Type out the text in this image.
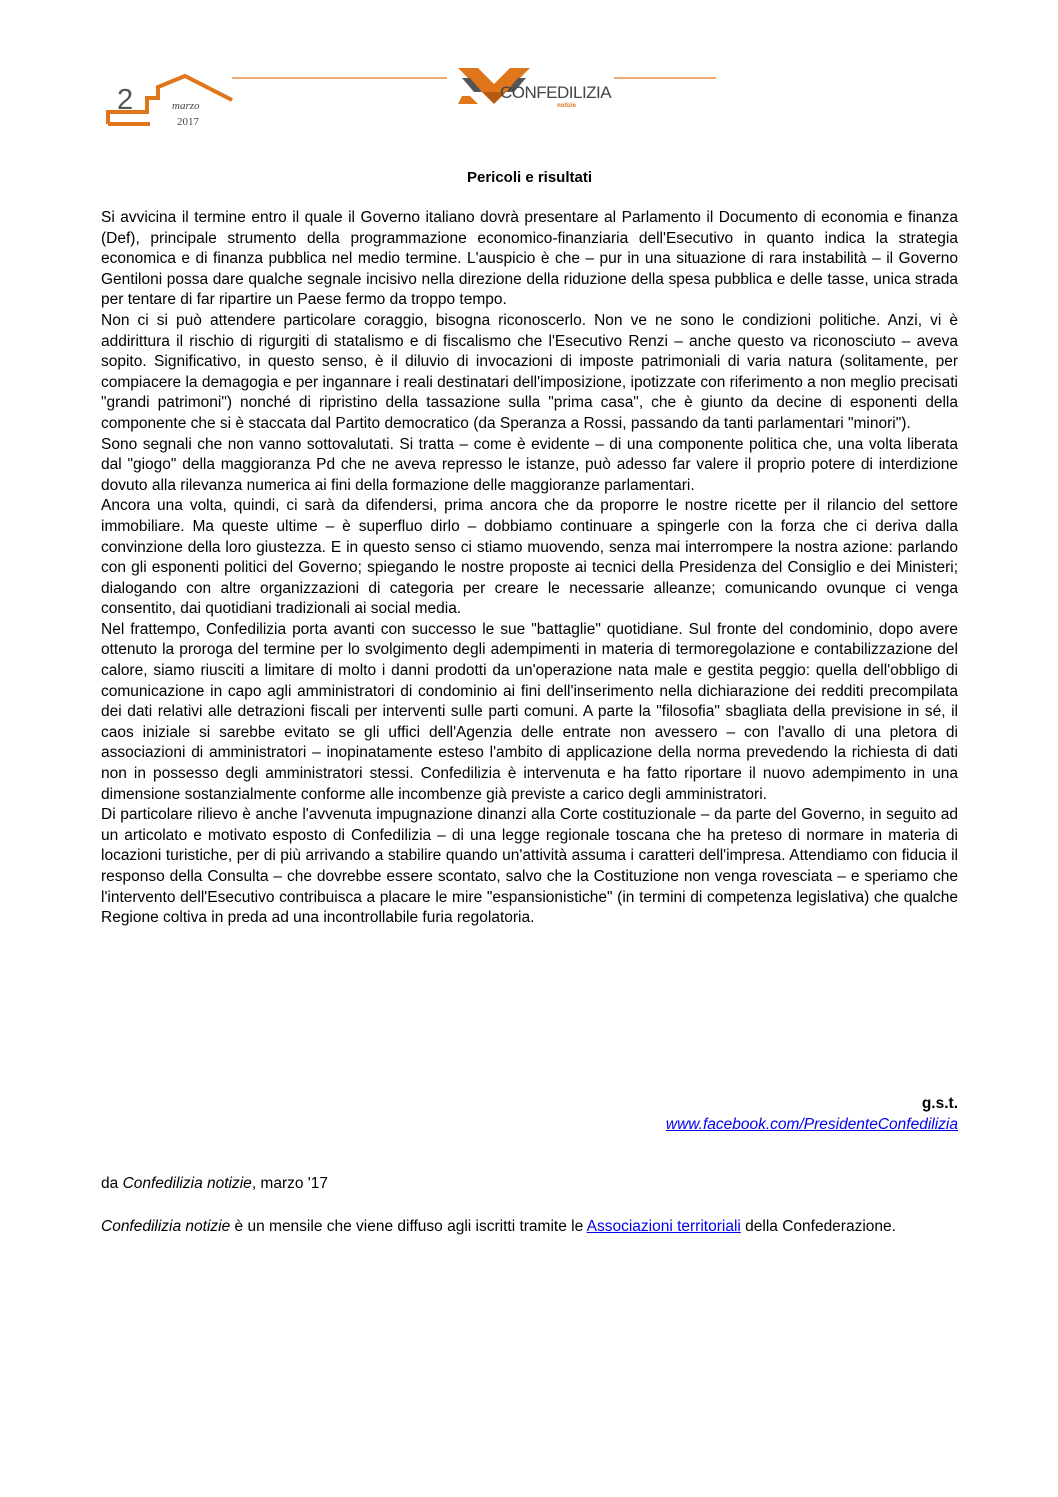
2	marzo
2017
CONFEDILIZIA
notizie
Pericoli e risultati

Si avvicina il termine entro il quale il Governo italiano dovrà presentare al Parlamento il Documento di economia e finanza (Def), principale strumento della programmazione economico-finanziaria dell'Esecutivo in quanto indica la strategia economica e di finanza pubblica nel medio termine. L'auspicio è che – pur in una situazione di rara instabilità – il Governo Gentiloni possa dare qualche segnale incisivo nella direzione della riduzione della spesa pubblica e delle tasse, unica strada per tentare di far ripartire un Paese fermo da troppo tempo.

Non ci si può attendere particolare coraggio, bisogna riconoscerlo. Non ve ne sono le condizioni politiche. Anzi, vi è addirittura il rischio di rigurgiti di statalismo e di fiscalismo che l'Esecutivo Renzi – anche questo va riconosciuto – aveva sopito. Significativo, in questo senso, è il diluvio di invocazioni di imposte patrimoniali di varia natura (solitamente, per compiacere la demagogia e per ingannare i reali destinatari dell'imposizione, ipotizzate con riferimento a non meglio precisati "grandi patrimoni") nonché di ripristino della tassazione sulla "prima casa", che è giunto da decine di esponenti della componente che si è staccata dal Partito democratico (da Speranza a Rossi, passando da tanti parlamentari "minori").

Sono segnali che non vanno sottovalutati. Si tratta – come è evidente – di una componente politica che, una volta liberata dal "giogo" della maggioranza Pd che ne aveva represso le istanze, può adesso far valere il proprio potere di interdizione dovuto alla rilevanza numerica ai fini della formazione delle maggioranze parlamentari.

Ancora una volta, quindi, ci sarà da difendersi, prima ancora che da proporre le nostre ricette per il rilancio del settore immobiliare. Ma queste ultime – è superfluo dirlo – dobbiamo continuare a spingerle con la forza che ci deriva dalla convinzione della loro giustezza. E in questo senso ci stiamo muovendo, senza mai interrompere la nostra azione: parlando con gli esponenti politici del Governo; spiegando le nostre proposte ai tecnici della Presidenza del Consiglio e dei Ministeri; dialogando con altre organizzazioni di categoria per creare le necessarie alleanze; comunicando ovunque ci venga consentito, dai quotidiani tradizionali ai social media.

Nel frattempo, Confedilizia porta avanti con successo le sue "battaglie" quotidiane. Sul fronte del condominio, dopo avere ottenuto la proroga del termine per lo svolgimento degli adempimenti in materia di termoregolazione e contabilizzazione del calore, siamo riusciti a limitare di molto i danni prodotti da un'operazione nata male e gestita peggio: quella dell'obbligo di comunicazione in capo agli amministratori di condominio ai fini dell'inserimento nella dichiarazione dei redditi precompilata dei dati relativi alle detrazioni fiscali per interventi sulle parti comuni. A parte la "filosofia" sbagliata della previsione in sé, il caos iniziale si sarebbe evitato se gli uffici dell'Agenzia delle entrate non avessero – con l'avallo di una pletora di associazioni di amministratori – inopinatamente esteso l'ambito di applicazione della norma prevedendo la richiesta di dati non in possesso degli amministratori stessi. Confedilizia è intervenuta e ha fatto riportare il nuovo adempimento in una dimensione sostanzialmente conforme alle incombenze già previste a carico degli amministratori.

Di particolare rilievo è anche l'avvenuta impugnazione dinanzi alla Corte costituzionale – da parte del Governo, in seguito ad un articolato e motivato esposto di Confedilizia – di una legge regionale toscana che ha preteso di normare in materia di locazioni turistiche, per di più arrivando a stabilire quando un'attività assuma i caratteri dell'impresa. Attendiamo con fiducia il responso della Consulta – che dovrebbe essere scontato, salvo che la Costituzione non venga rovesciata – e speriamo che l'intervento dell'Esecutivo contribuisca a placare le mire "espansionistiche" (in termini di competenza legislativa) che qualche Regione coltiva in preda ad una incontrollabile furia regolatoria.

g.s.t.
www.facebook.com/PresidenteConfedilizia
da Confedilizia notizie, marzo '17
Confedilizia notizie è un mensile che viene diffuso agli iscritti tramite le Associazioni territoriali della Confederazione.
